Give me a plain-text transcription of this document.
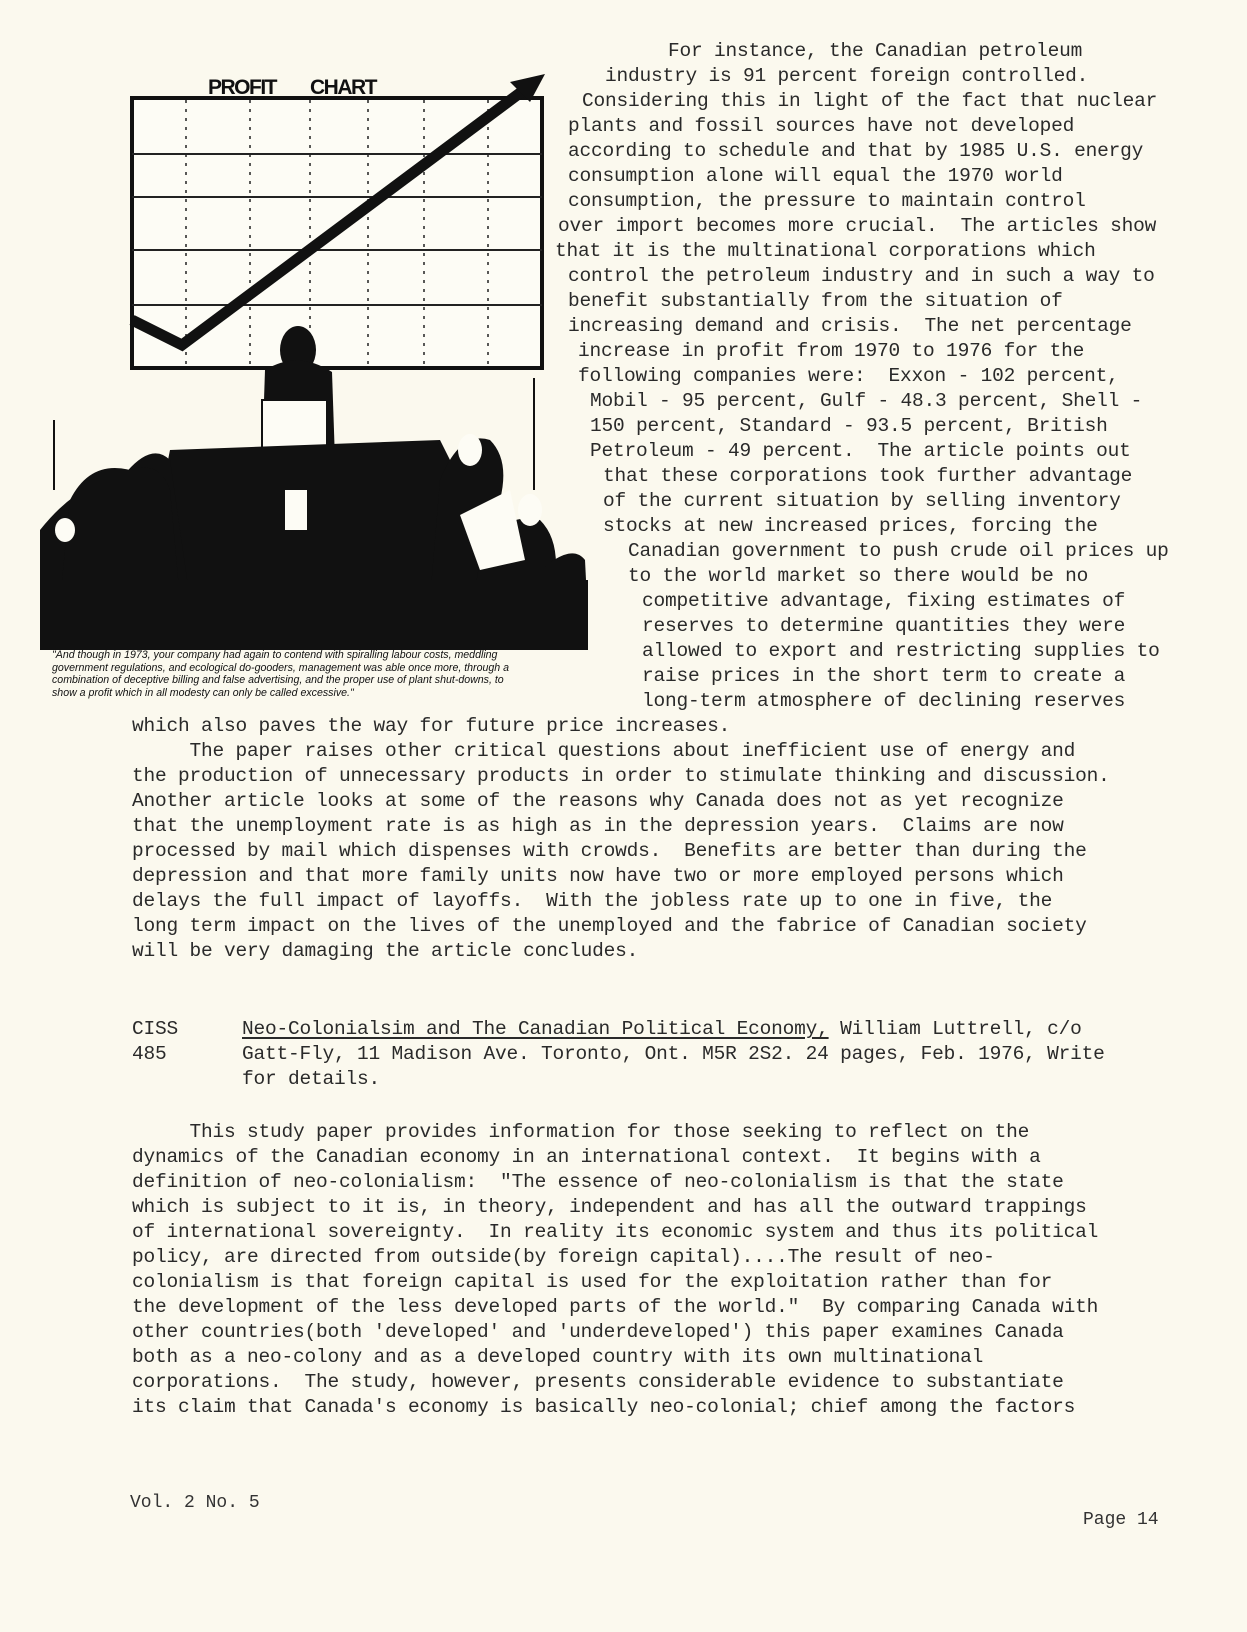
PROFIT CHART
"And though in 1973, your company had again to contend with spiralling labour costs, meddling
government regulations, and ecological do-gooders, management was able once more, through a
combination of deceptive billing and false advertising, and the proper use of plant shut-downs, to
show a profit which in all modesty can only be called excessive."
For instance, the Canadian petroleum
industry is 91 percent foreign controlled.
Considering this in light of the fact that nuclear
plants and fossil sources have not developed
according to schedule and that by 1985 U.S. energy
consumption alone will equal the 1970 world
consumption, the pressure to maintain control
over import becomes more crucial.  The articles show
that it is the multinational corporations which
control the petroleum industry and in such a way to
benefit substantially from the situation of
increasing demand and crisis.  The net percentage
increase in profit from 1970 to 1976 for the
following companies were:  Exxon - 102 percent,
Mobil - 95 percent, Gulf - 48.3 percent, Shell -
150 percent, Standard - 93.5 percent, British
Petroleum - 49 percent.  The article points out
that these corporations took further advantage
of the current situation by selling inventory
stocks at new increased prices, forcing the
Canadian government to push crude oil prices up
to the world market so there would be no
competitive advantage, fixing estimates of
reserves to determine quantities they were
allowed to export and restricting supplies to
raise prices in the short term to create a
long-term atmosphere of declining reserves
which also paves the way for future price increases.
The paper raises other critical questions about inefficient use of energy and
the production of unnecessary products in order to stimulate thinking and discussion.
Another article looks at some of the reasons why Canada does not as yet recognize
that the unemployment rate is as high as in the depression years.  Claims are now
processed by mail which dispenses with crowds.  Benefits are better than during the
depression and that more family units now have two or more employed persons which
delays the full impact of layoffs.  With the jobless rate up to one in five, the
long term impact on the lives of the unemployed and the fabrice of Canadian society
will be very damaging the article concludes.
CISS
485
Neo-Colonialsim and The Canadian Political Economy, William Luttrell, c/o
Gatt-Fly, 11 Madison Ave. Toronto, Ont. M5R 2S2. 24 pages, Feb. 1976, Write
for details.
This study paper provides information for those seeking to reflect on the
dynamics of the Canadian economy in an international context.  It begins with a
definition of neo-colonialism:  "The essence of neo-colonialism is that the state
which is subject to it is, in theory, independent and has all the outward trappings
of international sovereignty.  In reality its economic system and thus its political
policy, are directed from outside(by foreign capital)....The result of neo-
colonialism is that foreign capital is used for the exploitation rather than for
the development of the less developed parts of the world."  By comparing Canada with
other countries(both 'developed' and 'underdeveloped') this paper examines Canada
both as a neo-colony and as a developed country with its own multinational
corporations.  The study, however, presents considerable evidence to substantiate
its claim that Canada's economy is basically neo-colonial; chief among the factors
Vol. 2 No. 5
Page 14
